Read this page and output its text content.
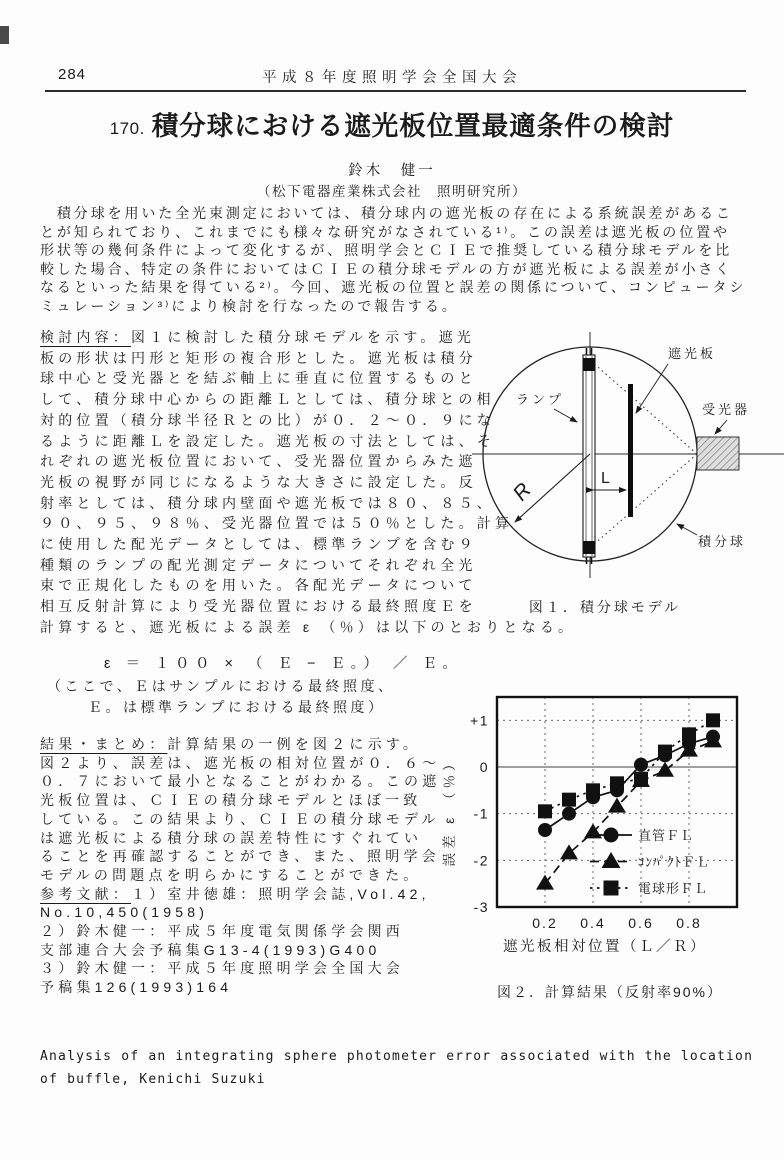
284	平成８年度照明学会全国大会
170. 積分球における遮光板位置最適条件の検討
鈴木　健一
（松下電器産業株式会社　照明研究所）
　積分球を用いた全光束測定においては、積分球内の遮光板の存在による系統誤差があるこ
とが知られており、これまでにも様々な研究がなされている¹⁾。この誤差は遮光板の位置や
形状等の幾何条件によって変化するが、照明学会とＣＩＥで推奨している積分球モデルを比
較した場合、特定の条件においてはＣＩＥの積分球モデルの方が遮光板による誤差が小さく
なるといった結果を得ている²⁾。今回、遮光板の位置と誤差の関係について、コンピュータシ
ミュレーション³⁾により検討を行なったので報告する。
検討内容：図１に検討した積分球モデルを示す。遮光
板の形状は円形と矩形の複合形とした。遮光板は積分
球中心と受光器とを結ぶ軸上に垂直に位置するものと
して、積分球中心からの距離Ｌとしては、積分球との相
対的位置（積分球半径Ｒとの比）が０．２～０．９にな
るように距離Ｌを設定した。遮光板の寸法としては、そ
れぞれの遮光板位置において、受光器位置からみた遮
光板の視野が同じになるような大きさに設定した。反
射率としては、積分球内壁面や遮光板では８０、８５、
９０、９５、９８％、受光器位置では５０％とした。計算
に使用した配光データとしては、標準ランプを含む９
種類のランプの配光測定データについてそれぞれ全光
束で正規化したものを用いた。各配光データについて
相互反射計算により受光器位置における最終照度Ｅを
計算すると、遮光板による誤差 ε （％）は以下のとおりとなる。
ε ＝ １００ × （ Ｅ − Ｅ。） ／ Ｅ。
（ここで、Ｅはサンプルにおける最終照度、
Ｅ。は標準ランプにおける最終照度）
結果・まとめ：計算結果の一例を図２に示す。
図２より、誤差は、遮光板の相対位置が０．６～
０．７において最小となることがわかる。この遮
光板位置は、ＣＩＥの積分球モデルとほぼ一致
している。この結果より、ＣＩＥの積分球モデル
は遮光板による積分球の誤差特性にすぐれてい
ることを再確認することができ、また、照明学会
モデルの問題点を明らかにすることができた。
参考文献：１）室井徳雄：照明学会誌,Vol.42,
No.10,450(1958)
２）鈴木健一：平成５年度電気関係学会関西
支部連合大会予稿集G13-4(1993)G400
３）鈴木健一：平成５年度照明学会全国大会
予稿集126(1993)164
R
L
遮光板
ランプ
受光器
積分球
図１．積分球モデル
0.2 0.4 0.6 0.8
+1
0
-1
-2
-3
遮光板相対位置（Ｌ／Ｒ）
誤差 ε （％）	直管ＦＬ
ｺﾝﾊﾟｸﾄＦＬ
電球形ＦＬ
図２．計算結果（反射率90%）
Analysis of an integrating sphere photometer error associated with the location
of buffle, Kenichi Suzuki
